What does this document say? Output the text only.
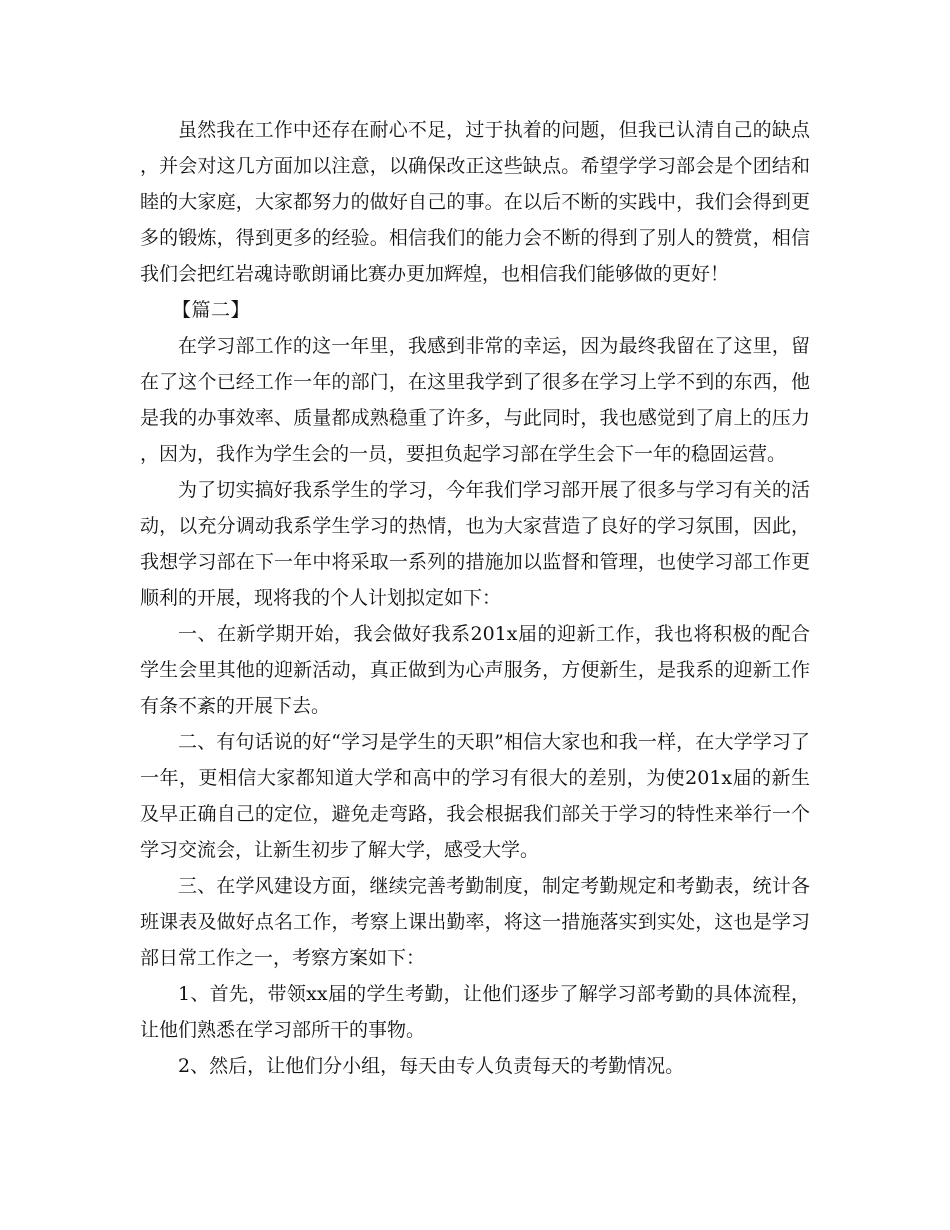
虽然我在工作中还存在耐心不足，过于执着的问题，但我已认清自己的缺点，并会对这几方面加以注意，以确保改正这些缺点。希望学学习部会是个团结和睦的大家庭，大家都努力的做好自己的事。在以后不断的实践中，我们会得到更多的锻炼，得到更多的经验。相信我们的能力会不断的得到了别人的赞赏，相信我们会把红岩魂诗歌朗诵比赛办更加辉煌，也相信我们能够做的更好！

【篇二】

在学习部工作的这一年里，我感到非常的幸运，因为最终我留在了这里，留在了这个已经工作一年的部门，在这里我学到了很多在学习上学不到的东西，他是我的办事效率、质量都成熟稳重了许多，与此同时，我也感觉到了肩上的压力，因为，我作为学生会的一员，要担负起学习部在学生会下一年的稳固运营。

为了切实搞好我系学生的学习，今年我们学习部开展了很多与学习有关的活动，以充分调动我系学生学习的热情，也为大家营造了良好的学习氛围，因此，我想学习部在下一年中将采取一系列的措施加以监督和管理，也使学习部工作更顺利的开展，现将我的个人计划拟定如下：

一、在新学期开始，我会做好我系201x届的迎新工作，我也将积极的配合学生会里其他的迎新活动，真正做到为心声服务，方便新生，是我系的迎新工作有条不紊的开展下去。

二、有句话说的好“学习是学生的天职”相信大家也和我一样，在大学学习了一年，更相信大家都知道大学和高中的学习有很大的差别，为使201x届的新生及早正确自己的定位，避免走弯路，我会根据我们部关于学习的特性来举行一个学习交流会，让新生初步了解大学，感受大学。

三、在学风建设方面，继续完善考勤制度，制定考勤规定和考勤表，统计各班课表及做好点名工作，考察上课出勤率，将这一措施落实到实处，这也是学习部日常工作之一，考察方案如下：

1、首先，带领xx届的学生考勤，让他们逐步了解学习部考勤的具体流程，让他们熟悉在学习部所干的事物。

2、然后，让他们分小组，每天由专人负责每天的考勤情况。
